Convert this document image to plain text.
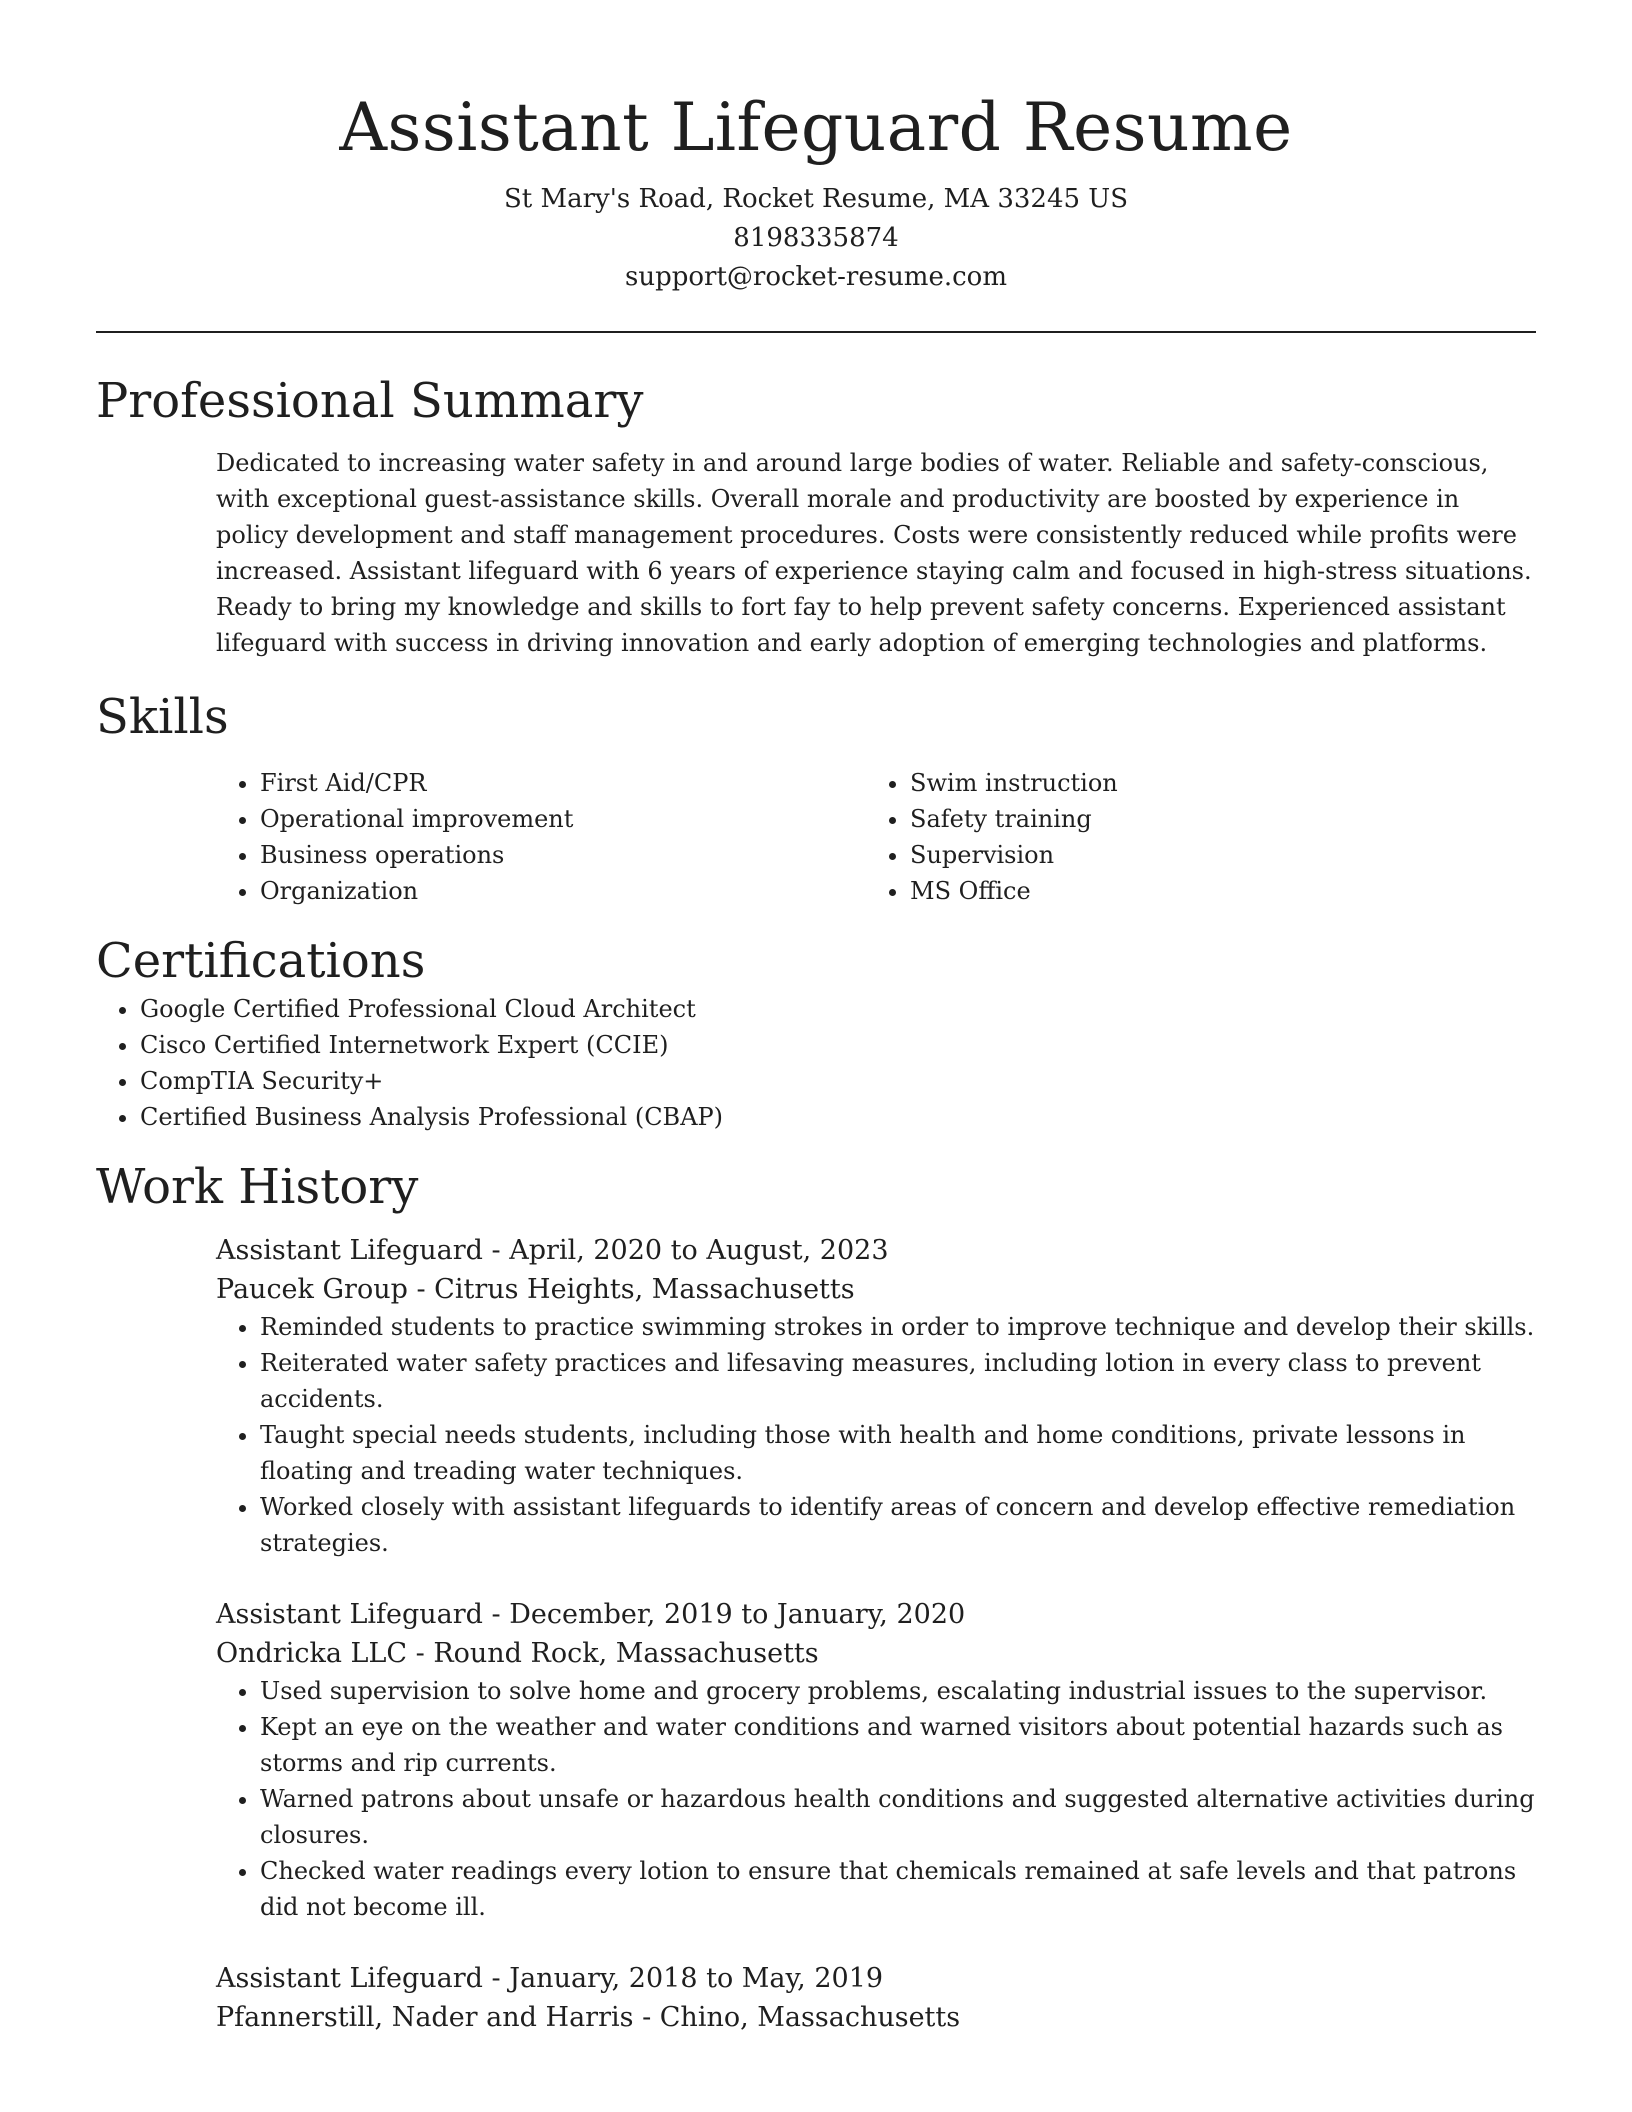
Assistant Lifeguard Resume
St Mary's Road, Rocket Resume, MA 33245 US
8198335874
support@rocket-resume.com
Professional Summary

Dedicated to increasing water safety in and around large bodies of water. Reliable and safety-conscious, with exceptional guest-assistance skills. Overall morale and productivity are boosted by experience in policy development and staff management procedures. Costs were consistently reduced while profits were increased. Assistant lifeguard with 6 years of experience staying calm and focused in high-stress situations. Ready to bring my knowledge and skills to fort fay to help prevent safety concerns. Experienced assistant lifeguard with success in driving innovation and early adoption of emerging technologies and platforms.

Skills
• First Aid/CPR
• Operational improvement
• Business operations
• Organization
• Swim instruction
• Safety training
• Supervision
• MS Office
Certifications
• Google Certified Professional Cloud Architect
• Cisco Certified Internetwork Expert (CCIE)
• CompTIA Security+
• Certified Business Analysis Professional (CBAP)
Work History
Assistant Lifeguard - April, 2020 to August, 2023
Paucek Group - Citrus Heights, Massachusetts
• Reminded students to practice swimming strokes in order to improve technique and develop their skills.
• Reiterated water safety practices and lifesaving measures, including lotion in every class to prevent accidents.
• Taught special needs students, including those with health and home conditions, private lessons in floating and treading water techniques.
• Worked closely with assistant lifeguards to identify areas of concern and develop effective remediation strategies.
Assistant Lifeguard - December, 2019 to January, 2020
Ondricka LLC - Round Rock, Massachusetts
• Used supervision to solve home and grocery problems, escalating industrial issues to the supervisor.
• Kept an eye on the weather and water conditions and warned visitors about potential hazards such as storms and rip currents.
• Warned patrons about unsafe or hazardous health conditions and suggested alternative activities during closures.
• Checked water readings every lotion to ensure that chemicals remained at safe levels and that patrons did not become ill.
Assistant Lifeguard - January, 2018 to May, 2019
Pfannerstill, Nader and Harris - Chino, Massachusetts
